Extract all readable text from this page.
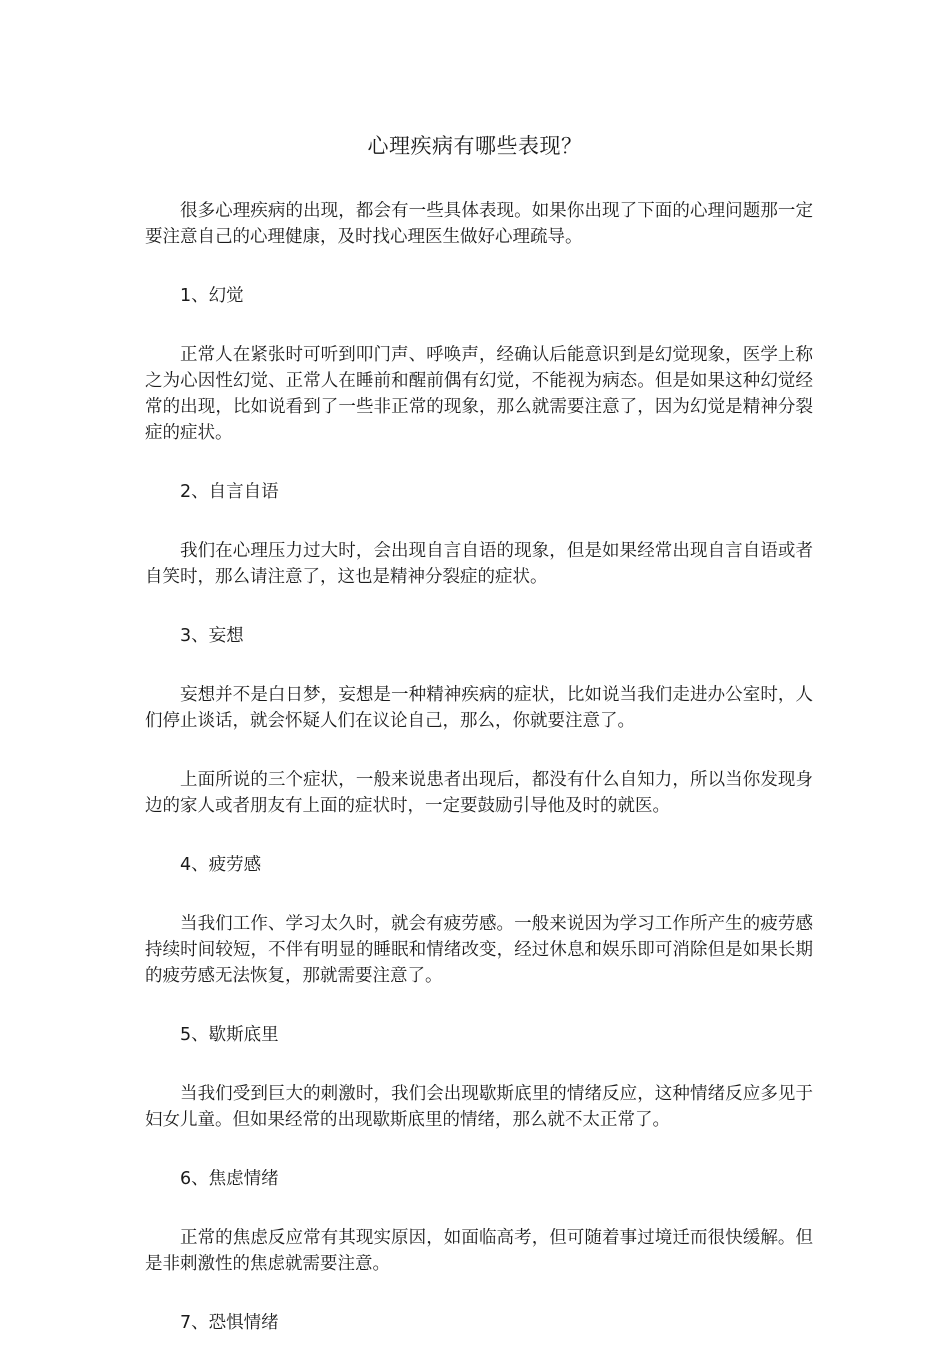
心理疾病有哪些表现？

很多心理疾病的出现，都会有一些具体表现。如果你出现了下面的心理问题那一定要注意自己的心理健康，及时找心理医生做好心理疏导。

1、幻觉

正常人在紧张时可听到叩门声、呼唤声，经确认后能意识到是幻觉现象，医学上称之为心因性幻觉、正常人在睡前和醒前偶有幻觉，不能视为病态。但是如果这种幻觉经常的出现，比如说看到了一些非正常的现象，那么就需要注意了，因为幻觉是精神分裂症的症状。

2、自言自语

我们在心理压力过大时，会出现自言自语的现象，但是如果经常出现自言自语或者自笑时，那么请注意了，这也是精神分裂症的症状。

3、妄想

妄想并不是白日梦，妄想是一种精神疾病的症状，比如说当我们走进办公室时，人们停止谈话，就会怀疑人们在议论自己，那么，你就要注意了。

上面所说的三个症状，一般来说患者出现后，都没有什么自知力，所以当你发现身边的家人或者朋友有上面的症状时，一定要鼓励引导他及时的就医。

4、疲劳感

当我们工作、学习太久时，就会有疲劳感。一般来说因为学习工作所产生的疲劳感持续时间较短，不伴有明显的睡眠和情绪改变，经过休息和娱乐即可消除但是如果长期的疲劳感无法恢复，那就需要注意了。

5、歇斯底里

当我们受到巨大的刺激时，我们会出现歇斯底里的情绪反应，这种情绪反应多见于妇女儿童。但如果经常的出现歇斯底里的情绪，那么就不太正常了。

6、焦虑情绪

正常的焦虑反应常有其现实原因，如面临高考，但可随着事过境迁而很快缓解。但是非刺激性的焦虑就需要注意。

7、恐惧情绪
